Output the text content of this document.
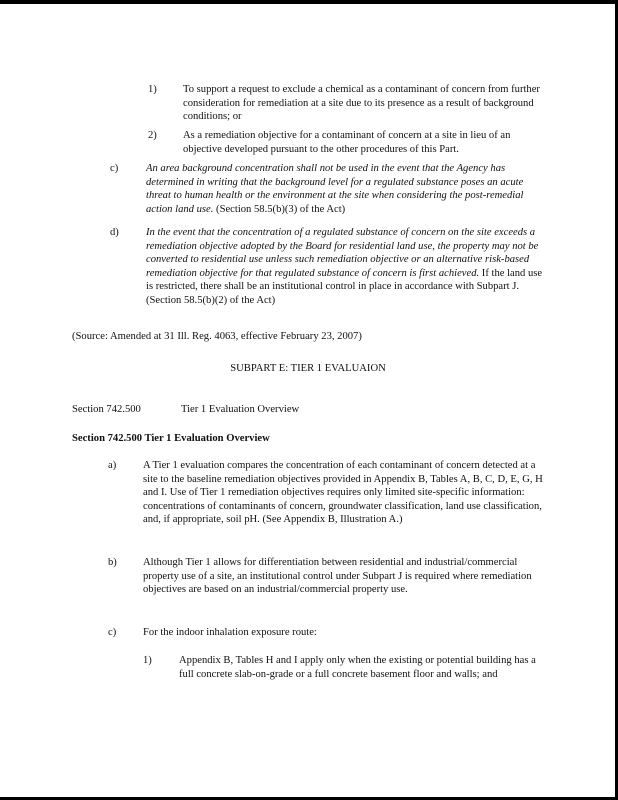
1) To support a request to exclude a chemical as a contaminant of concern from further consideration for remediation at a site due to its presence as a result of background conditions; or
2) As a remediation objective for a contaminant of concern at a site in lieu of an objective developed pursuant to the other procedures of this Part.
c)	An area background concentration shall not be used in the event that the Agency has determined in writing that the background level for a regulated substance poses an acute threat to human health or the environment at the site when considering the post-remedial action land use. (Section 58.5(b)(3) of the Act)
d)	In the event that the concentration of a regulated substance of concern on the site exceeds a remediation objective adopted by the Board for residential land use, the property may not be converted to residential use unless such remediation objective or an alternative risk-based remediation objective for that regulated substance of concern is first achieved. If the land use is restricted, there shall be an institutional control in place in accordance with Subpart J. (Section 58.5(b)(2) of the Act)
(Source: Amended at 31 Ill. Reg. 4063, effective February 23, 2007)
SUBPART E: TIER 1 EVALUAION
Section 742.500	Tier 1 Evaluation Overview
Section 742.500 Tier 1 Evaluation Overview
a)	A Tier 1 evaluation compares the concentration of each contaminant of concern detected at a site to the baseline remediation objectives provided in Appendix B, Tables A, B, C, D, E, G, H and I. Use of Tier 1 remediation objectives requires only limited site-specific information: concentrations of contaminants of concern, groundwater classification, land use classification, and, if appropriate, soil pH. (See Appendix B, Illustration A.)
b) Although Tier 1 allows for differentiation between residential and industrial/commercial property use of a site, an institutional control under Subpart J is required where remediation objectives are based on an industrial/commercial property use.
c)	For the indoor inhalation exposure route:
1)	Appendix B, Tables H and I apply only when the existing or potential building has a full concrete slab-on-grade or a full concrete basement floor and walls; and
